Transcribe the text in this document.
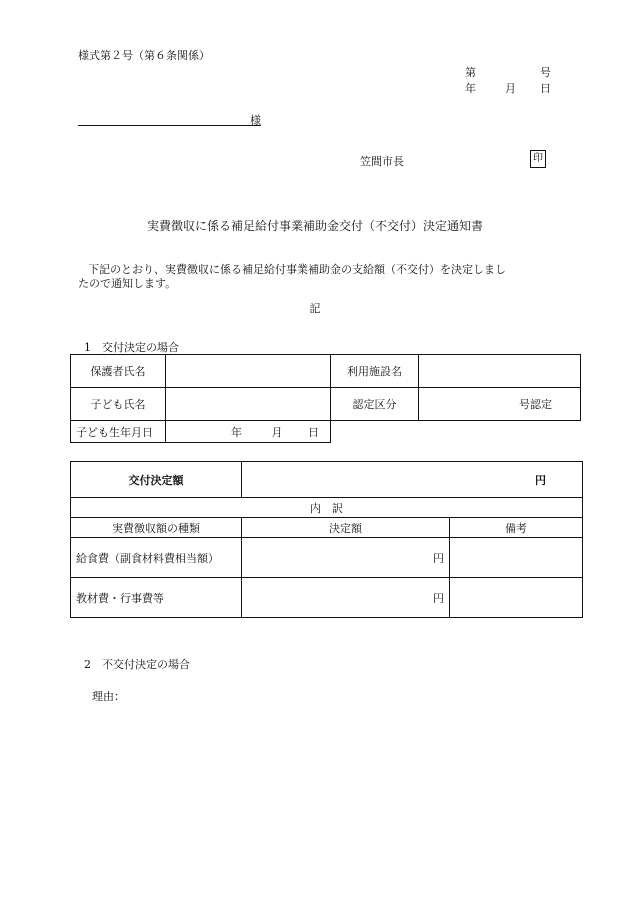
様式第２号（第６条関係）
第	号
年	月 日
様
笠間市長	印
実費徴収に係る補足給付事業補助金交付（不交付）決定通知書
下記のとおり、実費徴収に係る補足給付事業補助金の支給額（不交付）を決定しまし
たので通知します。
記
1　交付決定の場合
保護者氏名		利用施設名	
子ども氏名		認定区分	号認定
子ども生年月日	年 月 日		
交付決定額	円	
内　訳		
実費徴収額の種類	決定額	備考
給食費（副食材料費相当額）	円	
教材費・行事費等	円	
2　不交付決定の場合
理由：
